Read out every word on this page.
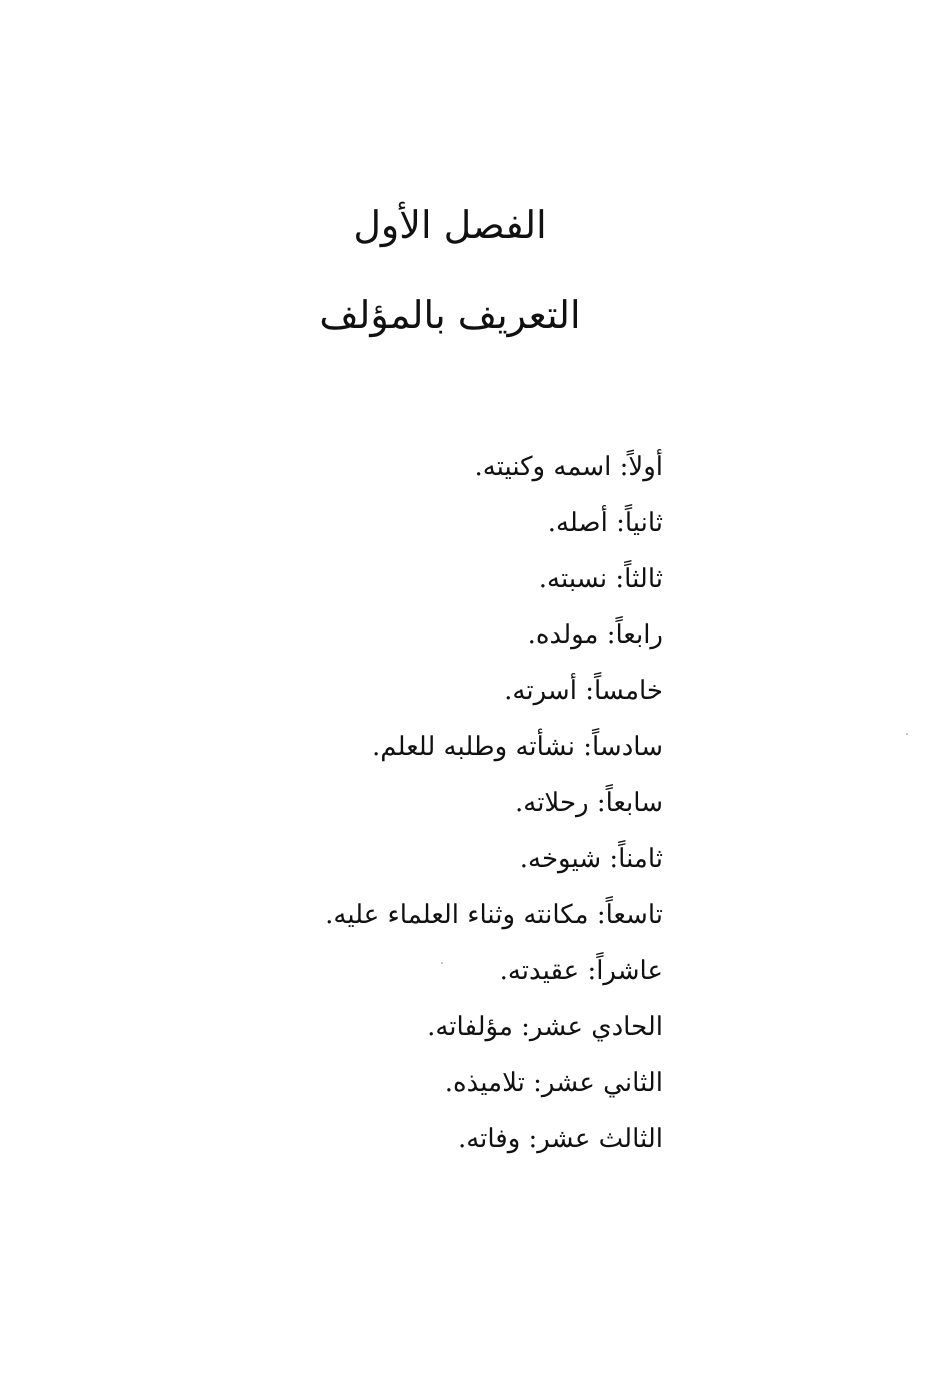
الفصل الأول
التعريف بالمؤلف
أولاً: اسمه وكنيته.
ثانياً: أصله.
ثالثاً: نسبته.
رابعاً: مولده.
خامساً: أسرته.
سادساً: نشأته وطلبه للعلم.
سابعاً: رحلاته.
ثامناً: شيوخه.
تاسعاً: مكانته وثناء العلماء عليه.
عاشراً: عقيدته.
الحادي عشر: مؤلفاته.
الثاني عشر: تلاميذه.
الثالث عشر: وفاته.
